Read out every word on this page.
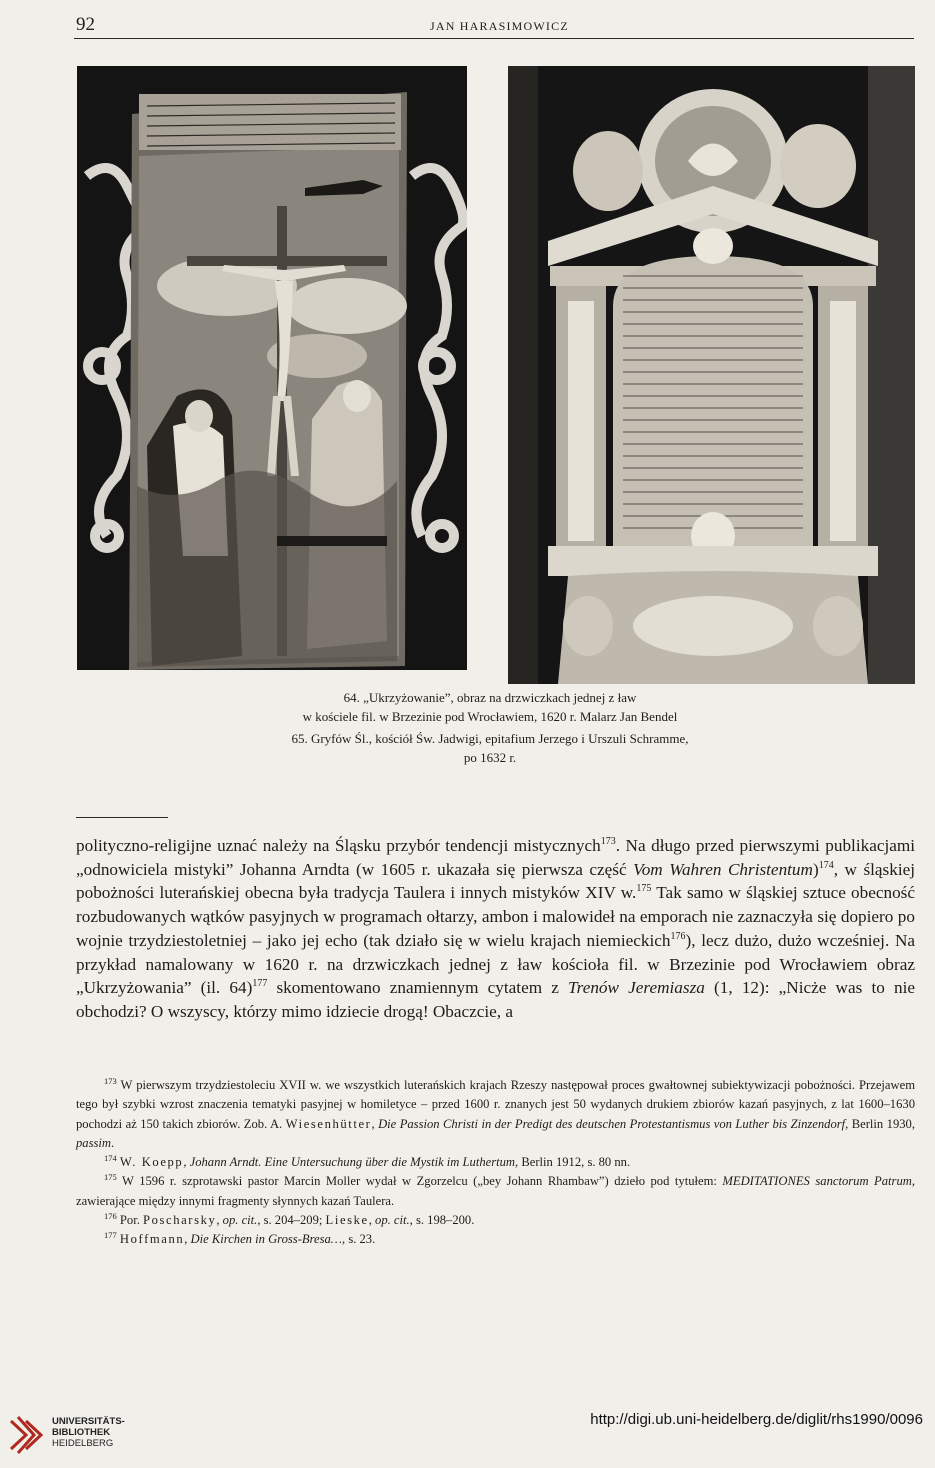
92	JAN HARASIMOWICZ

64. „Ukrzyżowanie”, obraz na drzwiczkach jednej z ław

w kościele fil. w Brzezinie pod Wrocławiem, 1620 r. Malarz Jan Bendel

65. Gryfów Śl., kościół Św. Jadwigi, epitafium Jerzego i Urszuli Schramme,

po 1632 r.

polityczno-religijne uznać należy na Śląsku przybór tendencji mistycznych$^{173}$. Na długo przed pierwszymi publikacjami „odnowiciela mistyki” Johanna Arndta (w 1605 r. ukazała się pierwsza część Vom Wahren Christentum)$^{174}$, w śląskiej pobożności luterańskiej obecna była tradycja Taulera i innych mistyków XIV w.$^{175}$ Tak samo w śląskiej sztuce obecność rozbudowanych wątków pasyjnych w programach ołtarzy, ambon i malowideł na emporach nie zaznaczyła się dopiero po wojnie trzydziestoletniej – jako jej echo (tak działo się w wielu krajach niemieckich$^{176}$), lecz dużo, dużo wcześniej. Na przykład namalowany w 1620 r. na drzwiczkach jednej z ław kościoła fil. w Brzezinie pod Wrocławiem obraz „Ukrzyżowania” (il. 64)$^{177}$ skomentowano znamiennym cytatem z Trenów Jeremiasza (1, 12): „Nicże was to nie obchodzi? O wszyscy, którzy mimo idziecie drogą! Obaczcie, a

$^{173}$ W pierwszym trzydziestoleciu XVII w. we wszystkich luterańskich krajach Rzeszy następował proces gwałtownej subiektywizacji pobożności. Przejawem tego był szybki wzrost znaczenia tematyki pasyjnej w homiletyce – przed 1600 r. znanych jest 50 wydanych drukiem zbiorów kazań pasyjnych, z lat 1600–1630 pochodzi aż 150 takich zbiorów. Zob. A. Wiesenhütter, Die Passion Christi in der Predigt des deutschen Protestantismus von Luther bis Zinzendorf, Berlin 1930, passim.

$^{174}$ W. Koepp, Johann Arndt. Eine Untersuchung über die Mystik im Luthertum, Berlin 1912, s. 80 nn.

$^{175}$ W 1596 r. szprotawski pastor Marcin Moller wydał w Zgorzelcu („bey Johann Rhambaw”) dzieło pod tytułem: MEDITATIONES sanctorum Patrum, zawierające między innymi fragmenty słynnych kazań Taulera.

$^{176}$ Por. Poscharsky, op. cit., s. 204–209; Lieske, op. cit., s. 198–200.

$^{177}$ Hoffmann, Die Kirchen in Gross-Bresa…, s. 23.

UNIVERSITÄTS-
BIBLIOTHEK
HEIDELBERG
http://digi.ub.uni-heidelberg.de/diglit/rhs1990/0096
